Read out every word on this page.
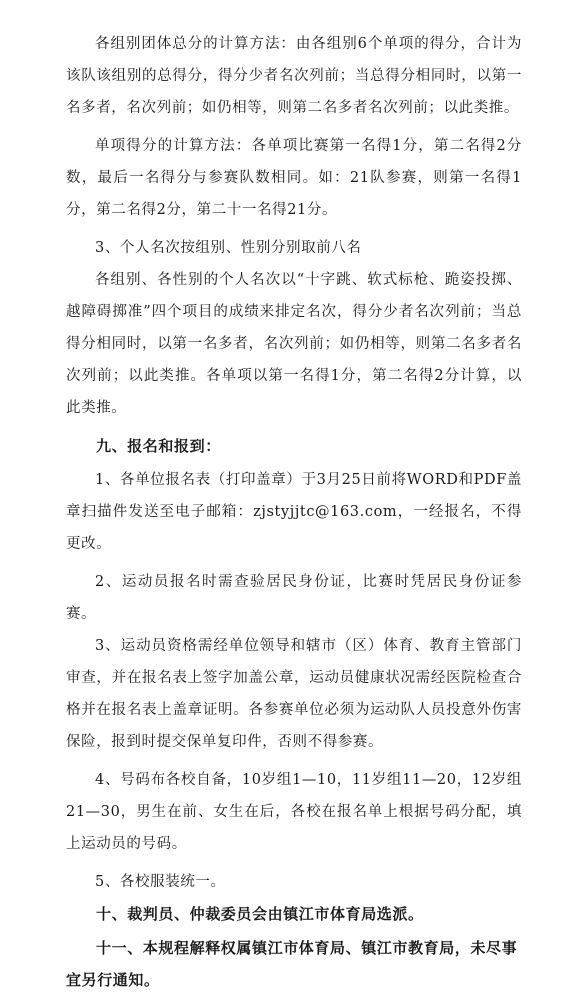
各组别团体总分的计算方法：由各组别6个单项的得分，合计为该队该组别的总得分，得分少者名次列前；当总得分相同时，以第一名多者，名次列前；如仍相等，则第二名多者名次列前；以此类推。

单项得分的计算方法：各单项比赛第一名得1分，第二名得2分数，最后一名得分与参赛队数相同。如：21队参赛，则第一名得1分，第二名得2分，第二十一名得21分。

3、个人名次按组别、性别分别取前八名

各组别、各性别的个人名次以“十字跳、软式标枪、跪姿投掷、越障碍掷准”四个项目的成绩来排定名次，得分少者名次列前；当总得分相同时，以第一名多者，名次列前；如仍相等，则第二名多者名次列前；以此类推。各单项以第一名得1分，第二名得2分计算，以此类推。

九、报名和报到：

1、各单位报名表（打印盖章）于3月25日前将WORD和PDF盖章扫描件发送至电子邮箱：zjstyjjtc@163.com，一经报名，不得更改。

2、运动员报名时需查验居民身份证，比赛时凭居民身份证参赛。

3、运动员资格需经单位领导和辖市（区）体育、教育主管部门审查，并在报名表上签字加盖公章，运动员健康状况需经医院检查合格并在报名表上盖章证明。各参赛单位必须为运动队人员投意外伤害保险，报到时提交保单复印件，否则不得参赛。

4、号码布各校自备，10岁组1—10，11岁组11—20，12岁组21—30，男生在前、女生在后，各校在报名单上根据号码分配，填上运动员的号码。

5、各校服装统一。

十、裁判员、仲裁委员会由镇江市体育局选派。

十一、本规程解释权属镇江市体育局、镇江市教育局，未尽事宜另行通知。
